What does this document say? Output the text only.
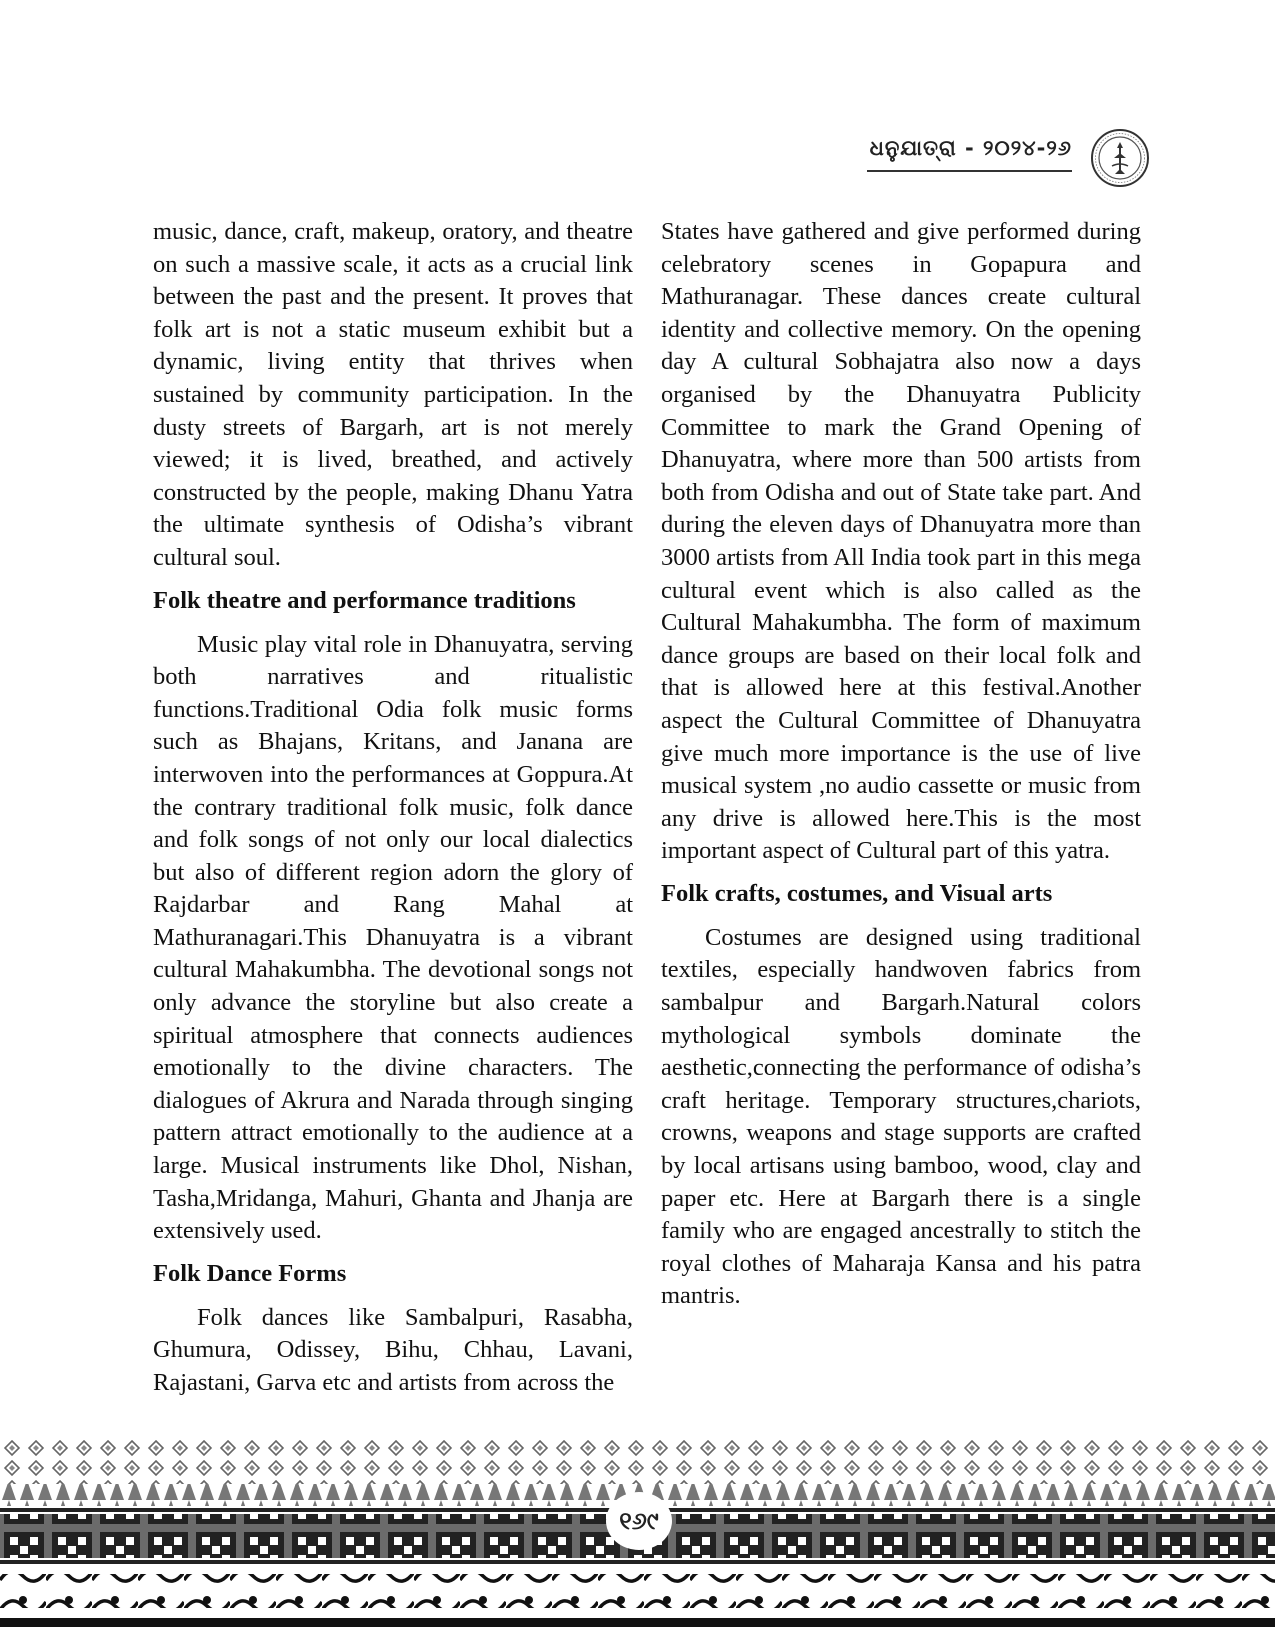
ଧନୁଯାତ୍ରା - ୨୦୨୪-୨୬

music, dance, craft, makeup, oratory, and theatre on such a massive scale, it acts as a crucial link between the past and the present. It proves that folk art is not a static museum exhibit but a dynamic, living entity that thrives when sustained by community participation. In the dusty streets of Bargarh, art is not merely viewed; it is lived, breathed, and actively constructed by the people, making Dhanu Yatra the ultimate synthesis of Odisha’s vibrant cultural soul.

Folk theatre and performance traditions

Music play vital role in Dhanuyatra, serving both narratives and ritualistic functions.Traditional Odia folk music forms such as Bhajans, Kritans, and Janana are interwoven into the performances at Goppura.At the contrary traditional folk music, folk dance and folk songs of not only our local dialectics but also of different region adorn the glory of Rajdarbar and Rang Mahal at Mathuranagari.This Dhanuyatra is a vibrant cultural Mahakumbha. The devotional songs not only advance the storyline but also create a spiritual atmosphere that connects audiences emotionally to the divine characters. The dialogues of Akrura and Narada through singing pattern attract emotionally to the audience at a large. Musical instruments like Dhol, Nishan, Tasha,Mridanga, Mahuri, Ghanta and Jhanja are extensively used.

Folk Dance Forms

Folk dances like Sambalpuri, Rasabha, Ghumura, Odissey, Bihu, Chhau, Lavani, Rajastani, Garva etc and artists from across the

States have gathered and give performed during celebratory scenes in Gopapura and Mathuranagar. These dances create cultural identity and collective memory. On the opening day A cultural Sobhajatra also now a days organised by the Dhanuyatra Publicity Committee to mark the Grand Opening of Dhanuyatra, where more than 500 artists from both from Odisha and out of State take part. And during the eleven days of Dhanuyatra more than 3000 artists from All India took part in this mega cultural event which is also called as the Cultural Mahakumbha. The form of maximum dance groups are based on their local folk and that is allowed here at this festival.Another aspect the Cultural Committee of Dhanuyatra give much more importance is the use of live musical system ,no audio cassette or music from any drive is allowed here.This is the most important aspect of Cultural part of this yatra.

Folk crafts, costumes, and Visual arts

Costumes are designed using traditional textiles, especially handwoven fabrics from sambalpur and Bargarh.Natural colors mythological symbols dominate the aesthetic,connecting the performance of odisha’s craft heritage. Temporary structures,chariots, crowns, weapons and stage supports are crafted by local artisans using bamboo, wood, clay and paper etc. Here at Bargarh there is a single family who are engaged ancestrally to stitch the royal clothes of Maharaja Kansa and his patra mantris.

୧୬୯
